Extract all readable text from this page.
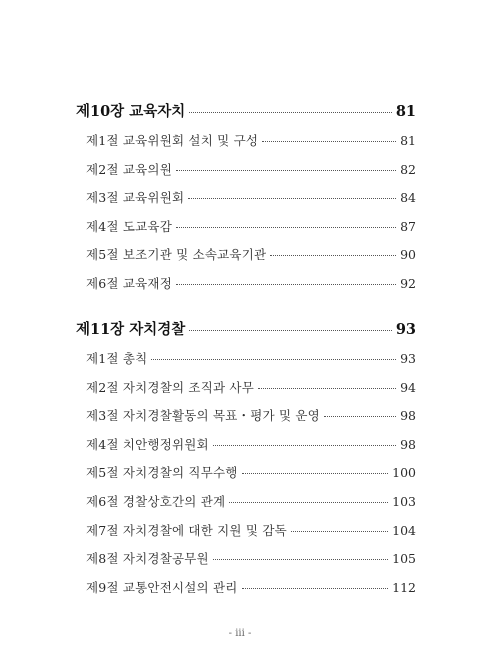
제10장 교육자치	81
제1절 교육위원회 설치 및 구성	81
제2절 교육의원	82
제3절 교육위원회	84
제4절 도교육감	87
제5절 보조기관 및 소속교육기관	90
제6절 교육재정	92
제11장 자치경찰	93
제1절 총칙	93
제2절 자치경찰의 조직과 사무	94
제3절 자치경찰활동의 목표・평가 및 운영	98
제4절 치안행정위원회	98
제5절 자치경찰의 직무수행	100
제6절 경찰상호간의 관계	103
제7절 자치경찰에 대한 지원 및 감독	104
제8절 자치경찰공무원	105
제9절 교통안전시설의 관리	112
- iii -
